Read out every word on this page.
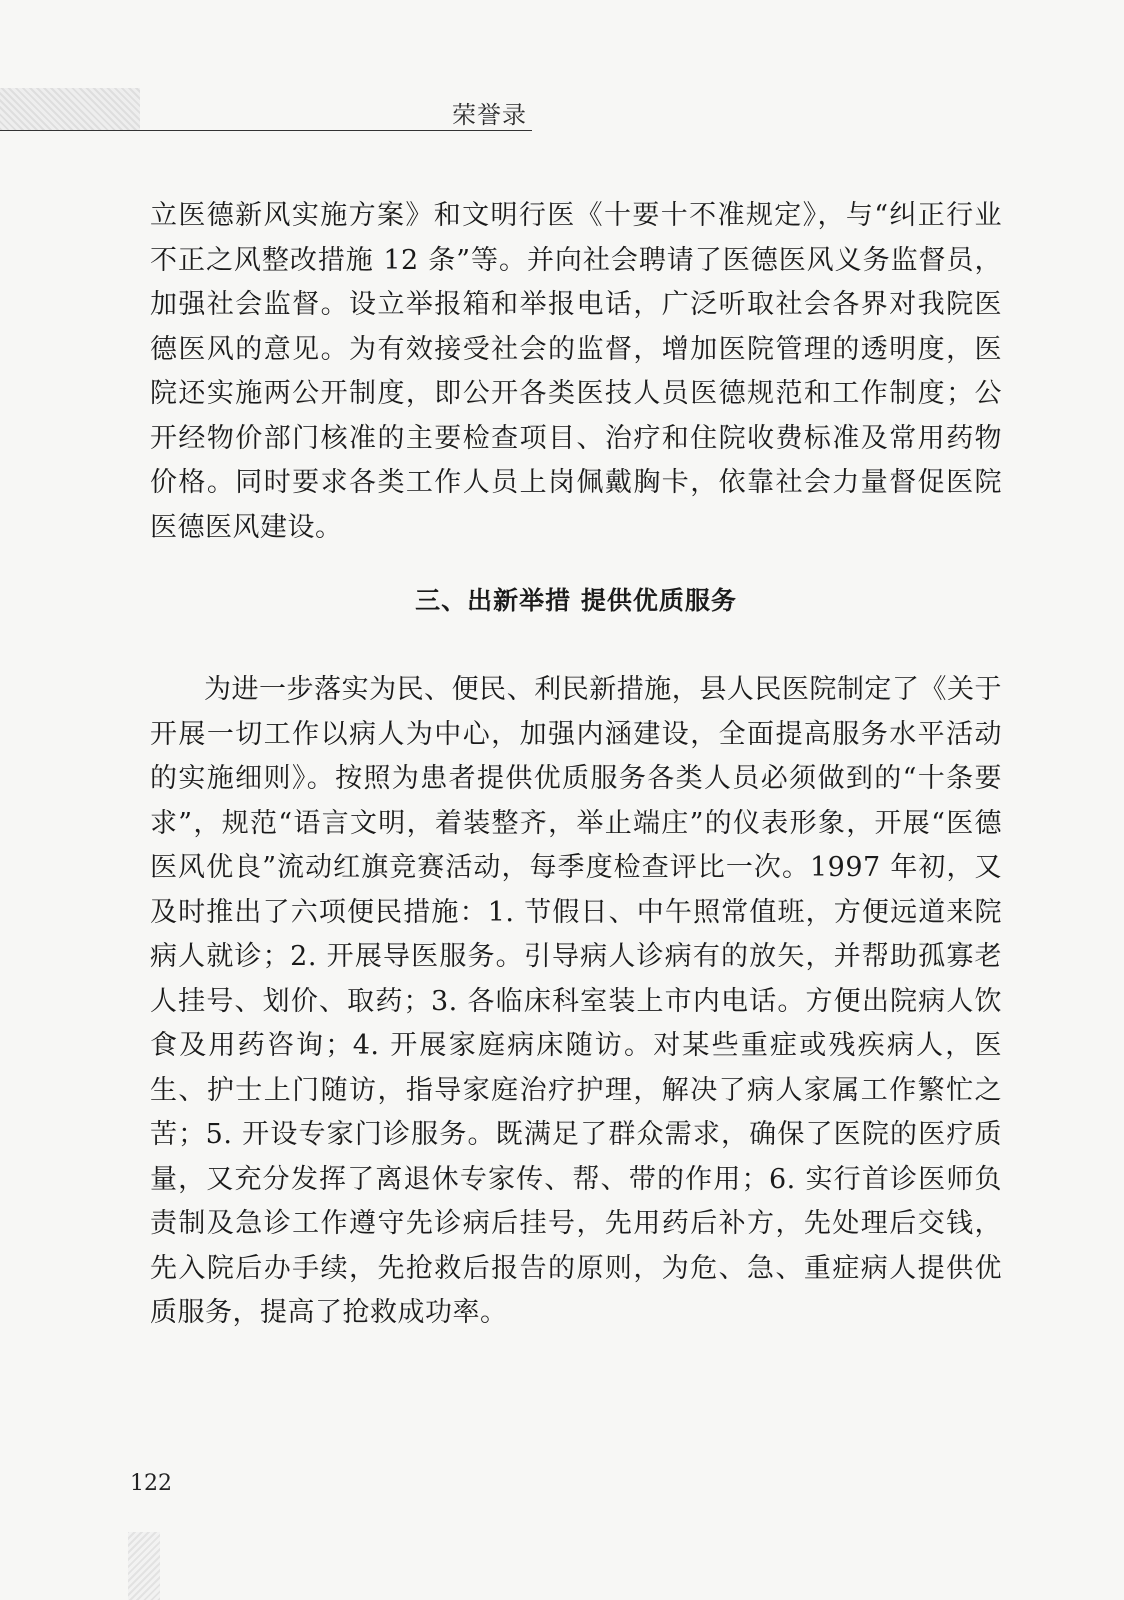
荣誉录

立医德新风实施方案》和文明行医《十要十不准规定》，与“纠正行业不正之风整改措施 12 条”等。并向社会聘请了医德医风义务监督员，加强社会监督。设立举报箱和举报电话，广泛听取社会各界对我院医德医风的意见。为有效接受社会的监督，增加医院管理的透明度，医院还实施两公开制度，即公开各类医技人员医德规范和工作制度；公开经物价部门核准的主要检查项目、治疗和住院收费标准及常用药物价格。同时要求各类工作人员上岗佩戴胸卡，依靠社会力量督促医院医德医风建设。

三、出新举措 提供优质服务

为进一步落实为民、便民、利民新措施，县人民医院制定了《关于开展一切工作以病人为中心，加强内涵建设，全面提高服务水平活动的实施细则》。按照为患者提供优质服务各类人员必须做到的“十条要求”，规范“语言文明，着装整齐，举止端庄”的仪表形象，开展“医德医风优良”流动红旗竞赛活动，每季度检查评比一次。1997 年初，又及时推出了六项便民措施：1. 节假日、中午照常值班，方便远道来院病人就诊；2. 开展导医服务。引导病人诊病有的放矢，并帮助孤寡老人挂号、划价、取药；3. 各临床科室装上市内电话。方便出院病人饮食及用药咨询；4. 开展家庭病床随访。对某些重症或残疾病人，医生、护士上门随访，指导家庭治疗护理，解决了病人家属工作繁忙之苦；5. 开设专家门诊服务。既满足了群众需求，确保了医院的医疗质量，又充分发挥了离退休专家传、帮、带的作用；6. 实行首诊医师负责制及急诊工作遵守先诊病后挂号，先用药后补方，先处理后交钱，先入院后办手续，先抢救后报告的原则，为危、急、重症病人提供优质服务，提高了抢救成功率。

122
